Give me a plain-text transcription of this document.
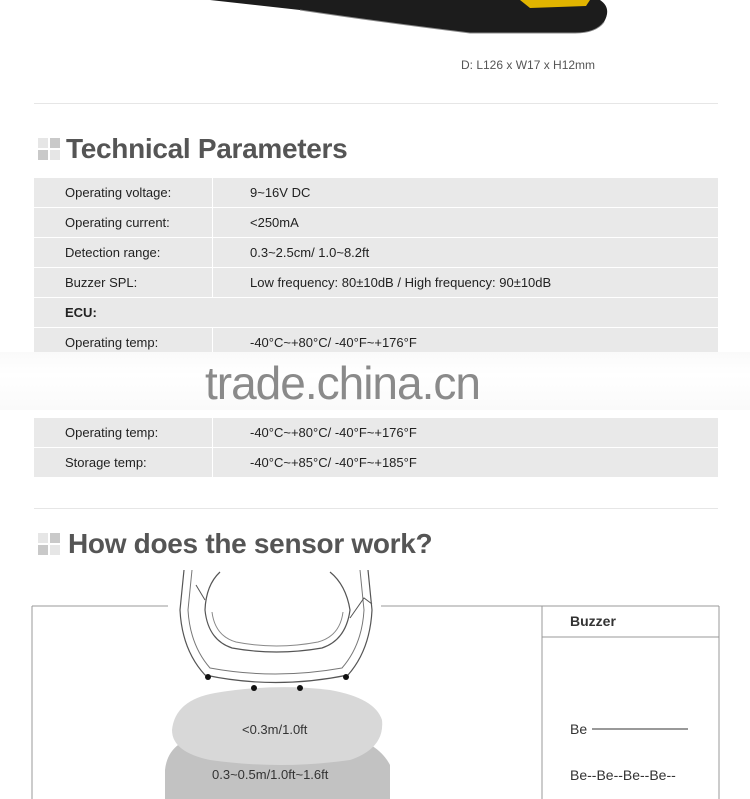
D: L126 x W17 x H12mm
Technical Parameters
Operating voltage:	9~16V DC
Operating current:	<250mA
Detection range:	0.3~2.5cm/ 1.0~8.2ft
Buzzer SPL:	Low frequency: 80±10dB / High frequency: 90±10dB
ECU:
Operating temp:	-40°C~+80°C/ -40°F~+176°F
Operating temp:	-40°C~+80°C/ -40°F~+176°F
Storage temp:	-40°C~+85°C/ -40°F~+185°F
trade.china.cn
How does the sensor work?
Buzzer
Be
Be--Be--Be--Be--
<0.3m/1.0ft
0.3~0.5m/1.0ft~1.6ft
